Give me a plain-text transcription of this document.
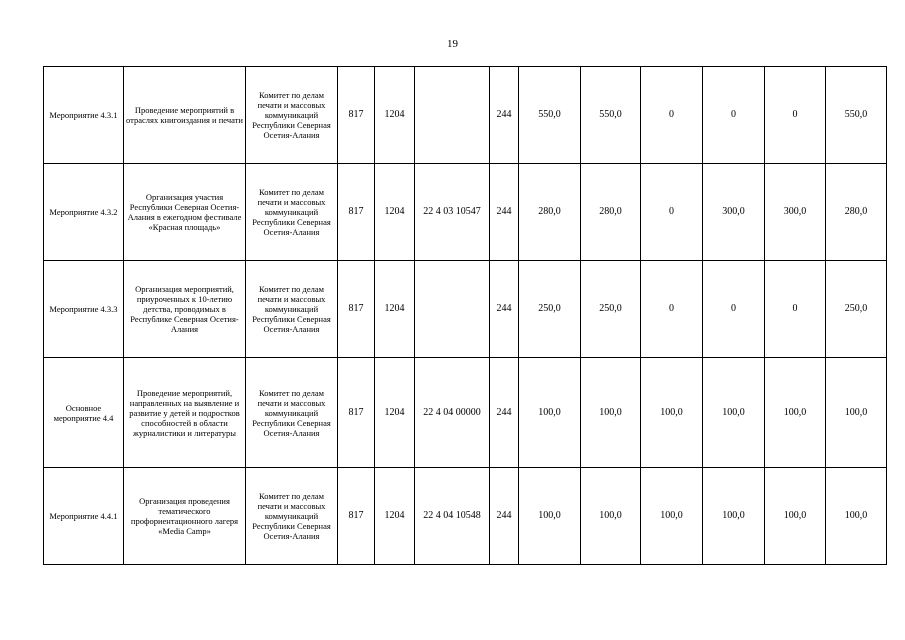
19
Мероприятие 4.3.1	Проведение мероприятий в отраслях книгоиздания и печати	Комитет по делам печати и массовых коммуникаций Республики Северная Осетия-Алания	817	1204		244	550,0	550,0	0	0	0	550,0
Мероприятие 4.3.2	Организация участия Республики Северная Осетия-Алания в ежегодном фестивале «Красная площадь»	Комитет по делам печати и массовых коммуникаций Республики Северная Осетия-Алания	817	1204	22 4 03 10547	244	280,0	280,0	0	300,0	300,0	280,0
Мероприятие 4.3.3	Организация мероприятий, приуроченных к 10-летию детства, проводимых в Республике Северная Осетия-Алания	Комитет по делам печати и массовых коммуникаций Республики Северная Осетия-Алания	817	1204		244	250,0	250,0	0	0	0	250,0
Основное мероприятие 4.4	Проведение мероприятий, направленных на выявление и развитие у детей и подростков способностей в области журналистики и литературы	Комитет по делам печати и массовых коммуникаций Республики Северная Осетия-Алания	817	1204	22 4 04 00000	244	100,0	100,0	100,0	100,0	100,0	100,0
Мероприятие 4.4.1	Организация проведения тематического профориентационного лагеря «Media Camp»	Комитет по делам печати и массовых коммуникаций Республики Северная Осетия-Алания	817	1204	22 4 04 10548	244	100,0	100,0	100,0	100,0	100,0	100,0
